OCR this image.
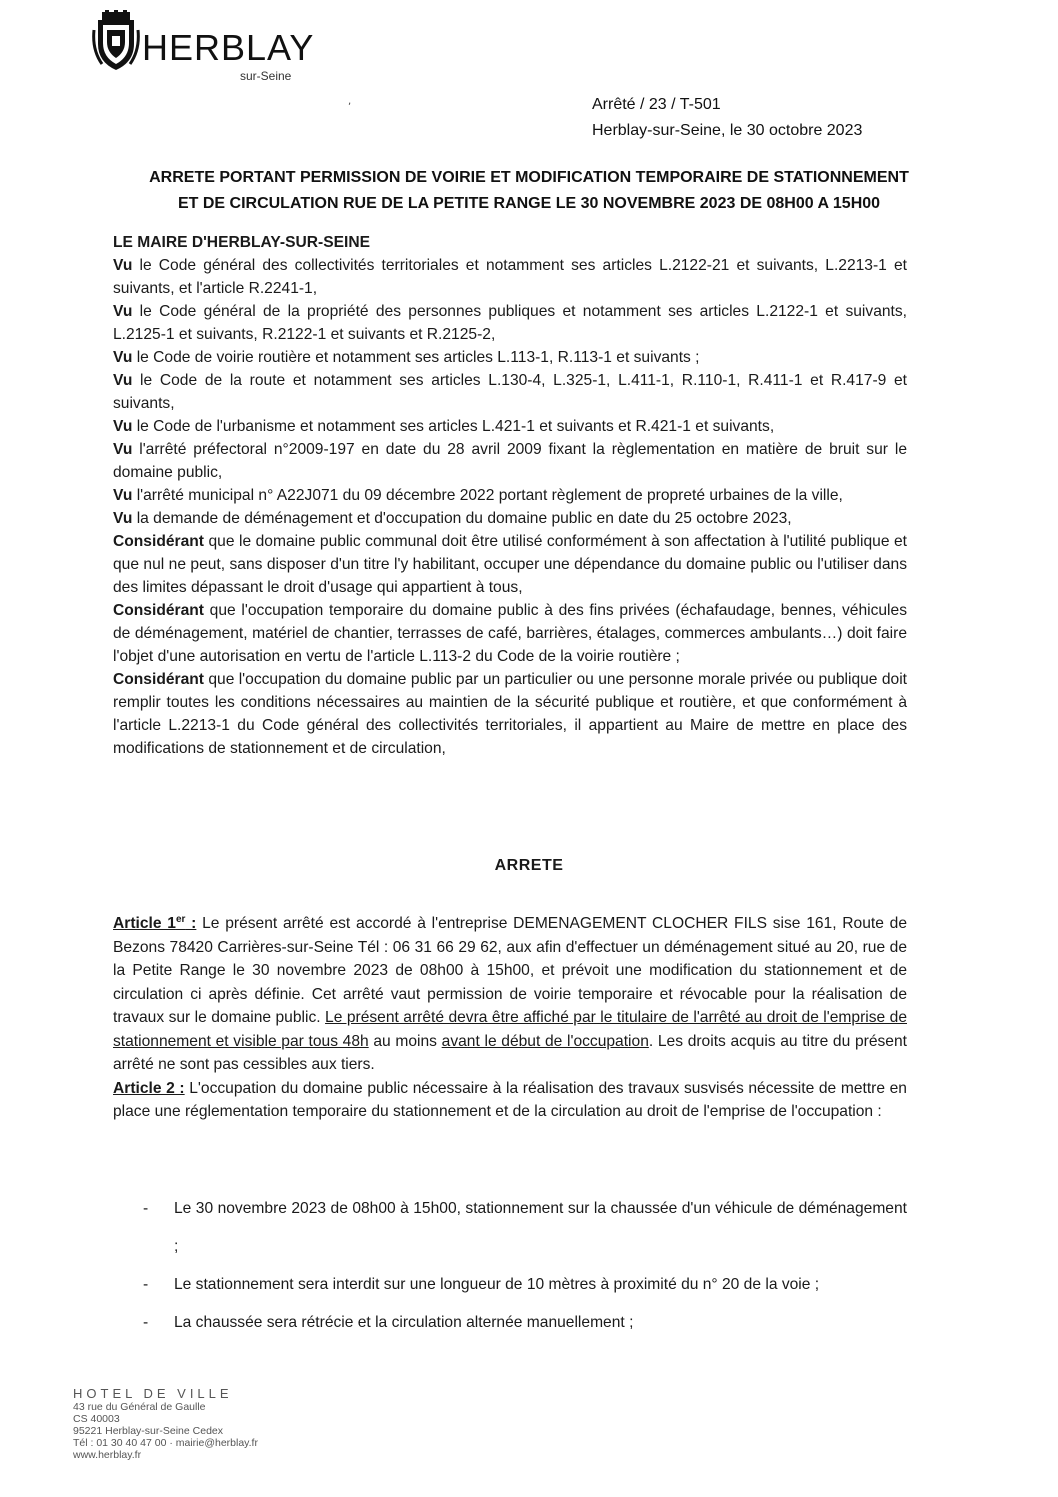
HERBLAY
sur-Seine
,	Arrêté / 23 / T-501
Herblay-sur-Seine, le 30 octobre 2023
ARRETE PORTANT PERMISSION DE VOIRIE ET MODIFICATION TEMPORAIRE DE STATIONNEMENT
ET DE CIRCULATION RUE DE LA PETITE RANGE LE 30 NOVEMBRE 2023 DE 08H00 A 15H00

LE MAIRE D'HERBLAY-SUR-SEINE

Vu le Code général des collectivités territoriales et notamment ses articles L.2122-21 et suivants, L.2213-1 et suivants, et l'article R.2241-1,

Vu le Code général de la propriété des personnes publiques et notamment ses articles L.2122-1 et suivants, L.2125-1 et suivants, R.2122-1 et suivants et R.2125-2,

Vu le Code de voirie routière et notamment ses articles L.113-1, R.113-1 et suivants ;

Vu le Code de la route et notamment ses articles L.130-4, L.325-1, L.411-1, R.110-1, R.411-1 et R.417-9 et suivants,

Vu le Code de l'urbanisme et notamment ses articles L.421-1 et suivants et R.421-1 et suivants,

Vu l'arrêté préfectoral n°2009-197 en date du 28 avril 2009 fixant la règlementation en matière de bruit sur le domaine public,

Vu l'arrêté municipal n° A22J071 du 09 décembre 2022 portant règlement de propreté urbaines de la ville,

Vu la demande de déménagement et d'occupation du domaine public en date du 25 octobre 2023,

Considérant que le domaine public communal doit être utilisé conformément à son affectation à l'utilité publique et que nul ne peut, sans disposer d'un titre l'y habilitant, occuper une dépendance du domaine public ou l'utiliser dans des limites dépassant le droit d'usage qui appartient à tous,

Considérant que l'occupation temporaire du domaine public à des fins privées (échafaudage, bennes, véhicules de déménagement, matériel de chantier, terrasses de café, barrières, étalages, commerces ambulants…) doit faire l'objet d'une autorisation en vertu de l'article L.113-2 du Code de la voirie routière ;

Considérant que l'occupation du domaine public par un particulier ou une personne morale privée ou publique doit remplir toutes les conditions nécessaires au maintien de la sécurité publique et routière, et que conformément à l'article L.2213-1 du Code général des collectivités territoriales, il appartient au Maire de mettre en place des modifications de stationnement et de circulation,

ARRETE

Article 1er : Le présent arrêté est accordé à l'entreprise DEMENAGEMENT CLOCHER FILS sise 161, Route de Bezons 78420 Carrières-sur-Seine Tél : 06 31 66 29 62, aux afin d'effectuer un déménagement situé au 20, rue de la Petite Range le 30 novembre 2023 de 08h00 à 15h00, et prévoit une modification du stationnement et de circulation ci après définie. Cet arrêté vaut permission de voirie temporaire et révocable pour la réalisation de travaux sur le domaine public. Le présent arrêté devra être affiché par le titulaire de l'arrêté au droit de l'emprise de stationnement et visible par tous 48h au moins avant le début de l'occupation. Les droits acquis au titre du présent arrêté ne sont pas cessibles aux tiers.

Article 2 : L'occupation du domaine public nécessaire à la réalisation des travaux susvisés nécessite de mettre en place une réglementation temporaire du stationnement et de la circulation au droit de l'emprise de l'occupation :

- Le 30 novembre 2023 de 08h00 à 15h00, stationnement sur la chaussée d'un véhicule de déménagement ;

- Le stationnement sera interdit sur une longueur de 10 mètres à proximité du n° 20 de la voie ;

- La chaussée sera rétrécie et la circulation alternée manuellement ;

HOTEL DE VILLE
43 rue du Général de Gaulle
CS 40003
95221 Herblay-sur-Seine Cedex
Tél : 01 30 40 47 00 · mairie@herblay.fr
www.herblay.fr
